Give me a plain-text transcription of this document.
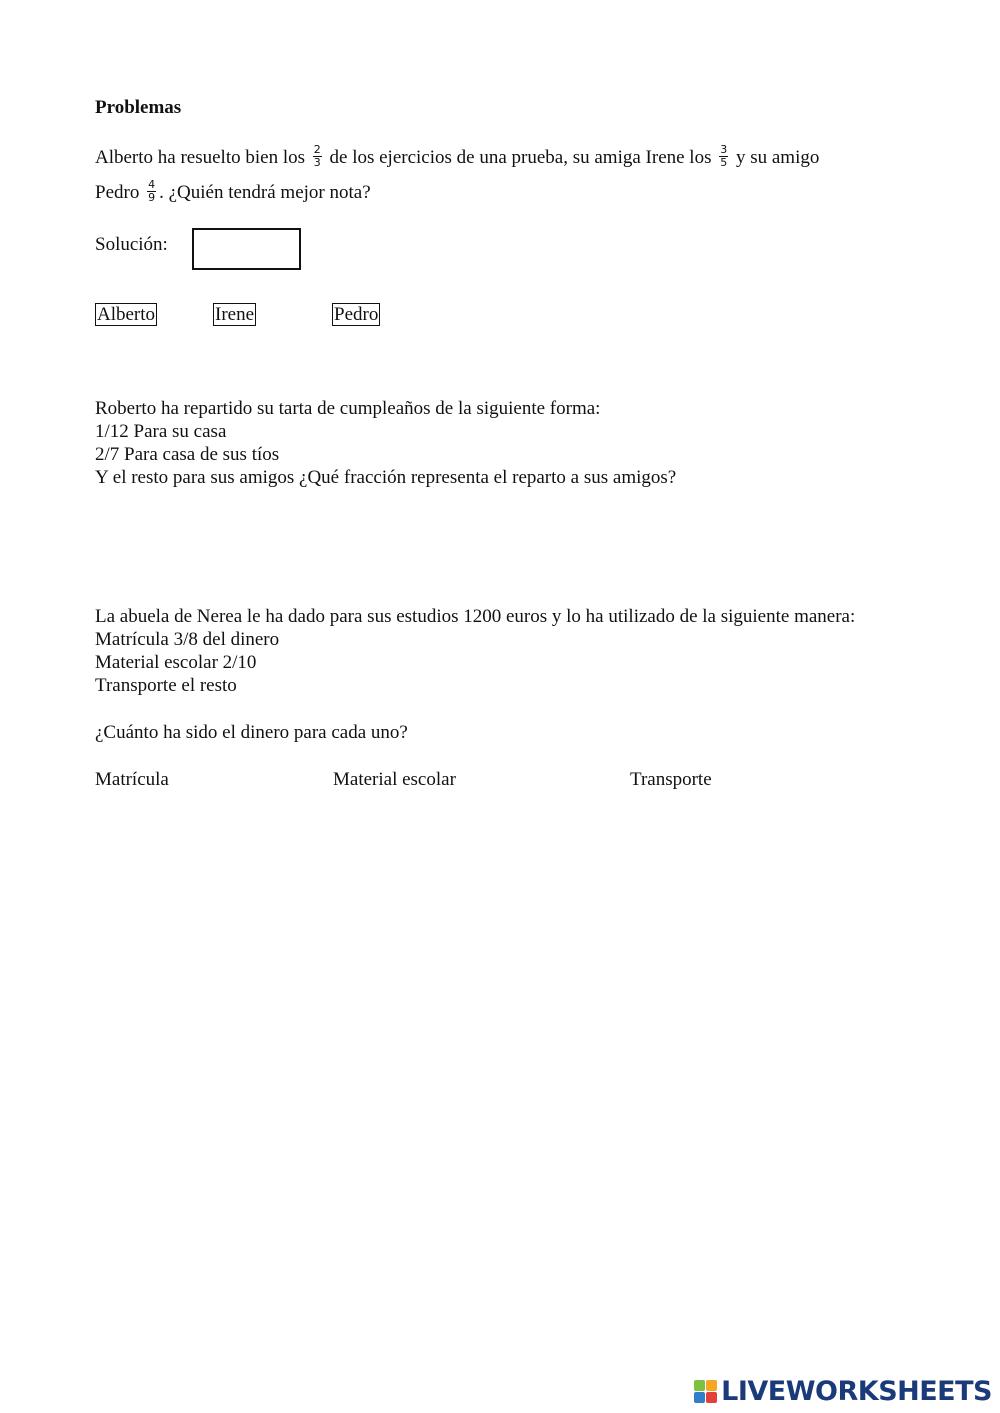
Problemas
Alberto ha resuelto bien los $\frac{2}{3}$ de los ejercicios de una prueba, su amiga Irene los $\frac{3}{5}$ y su amigo
Pedro $\frac{4}{9}$ . ¿Quién tendrá mejor nota?
Solución:
Alberto	Irene	Pedro
Roberto ha repartido su tarta de cumpleaños de la siguiente forma:
1/12 Para su casa
2/7 Para casa de sus tíos
Y el resto para sus amigos ¿Qué fracción representa el reparto a sus amigos?
La abuela de Nerea le ha dado para sus estudios 1200 euros y lo ha utilizado de la siguiente manera:
Matrícula 3/8 del dinero
Material escolar 2/10
Transporte el resto
¿Cuánto ha sido el dinero para cada uno?
Matrícula	Material escolar	Transporte
LIVEWORKSHEETS
